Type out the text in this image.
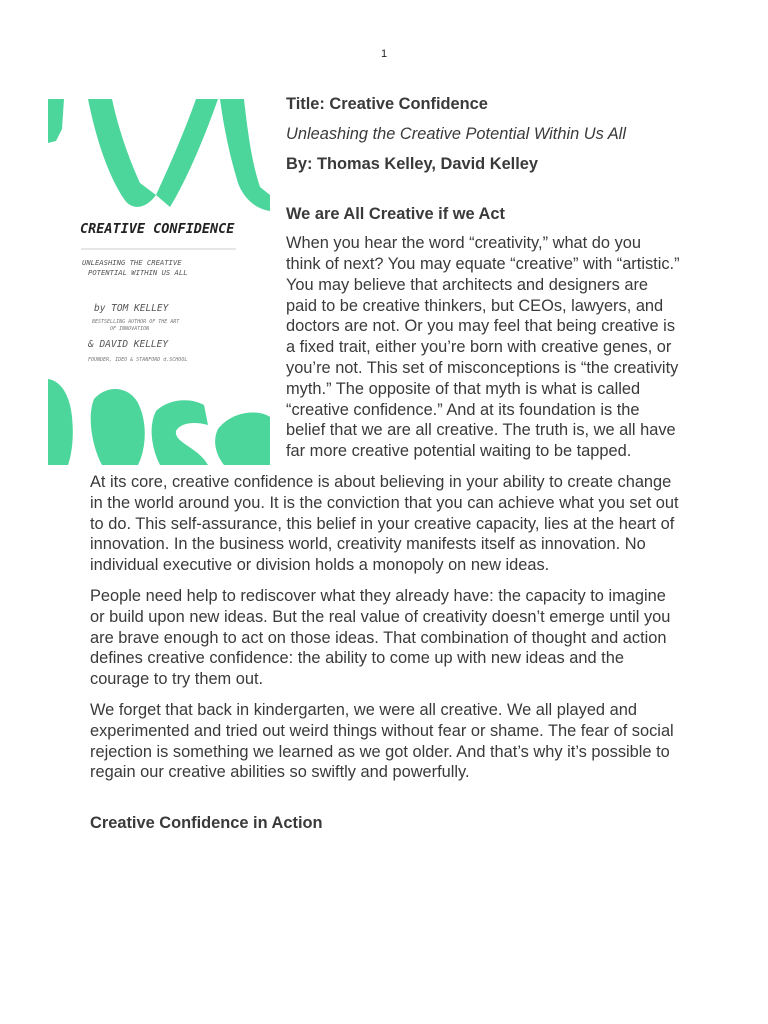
1
CREATIVE CONFIDENCE
UNLEASHING THE CREATIVE
POTENTIAL WITHIN US ALL
by TOM KELLEY
BESTSELLING AUTHOR OF THE ART
OF INNOVATION
& DAVID KELLEY
FOUNDER, IDEO & STANFORD d.SCHOOL

Title: Creative Confidence

Unleashing the Creative Potential Within Us All

By: Thomas Kelley, David Kelley

We are All Creative if we Act

When you hear the word “creativity,” what do you think of next? You may equate “creative” with “artistic.” You may believe that architects and designers are paid to be creative thinkers, but CEOs, lawyers, and doctors are not. Or you may feel that being creative is a fixed trait, either you’re born with creative genes, or you’re not. This set of misconceptions is “the creativity myth.” The opposite of that myth is what is called “creative confidence.” And at its foundation is the belief that we are all creative. The truth is, we all have far more creative potential waiting to be tapped.

At its core, creative confidence is about believing in your ability to create change in the world around you. It is the conviction that you can achieve what you set out to do. This self-assurance, this belief in your creative capacity, lies at the heart of innovation. In the business world, creativity manifests itself as innovation. No individual executive or division holds a monopoly on new ideas.

People need help to rediscover what they already have: the capacity to imagine or build upon new ideas. But the real value of creativity doesn’t emerge until you are brave enough to act on those ideas. That combination of thought and action defines creative confidence: the ability to come up with new ideas and the courage to try them out.

We forget that back in kindergarten, we were all creative. We all played and experimented and tried out weird things without fear or shame. The fear of social rejection is something we learned as we got older. And that’s why it’s possible to regain our creative abilities so swiftly and powerfully.

Creative Confidence in Action
